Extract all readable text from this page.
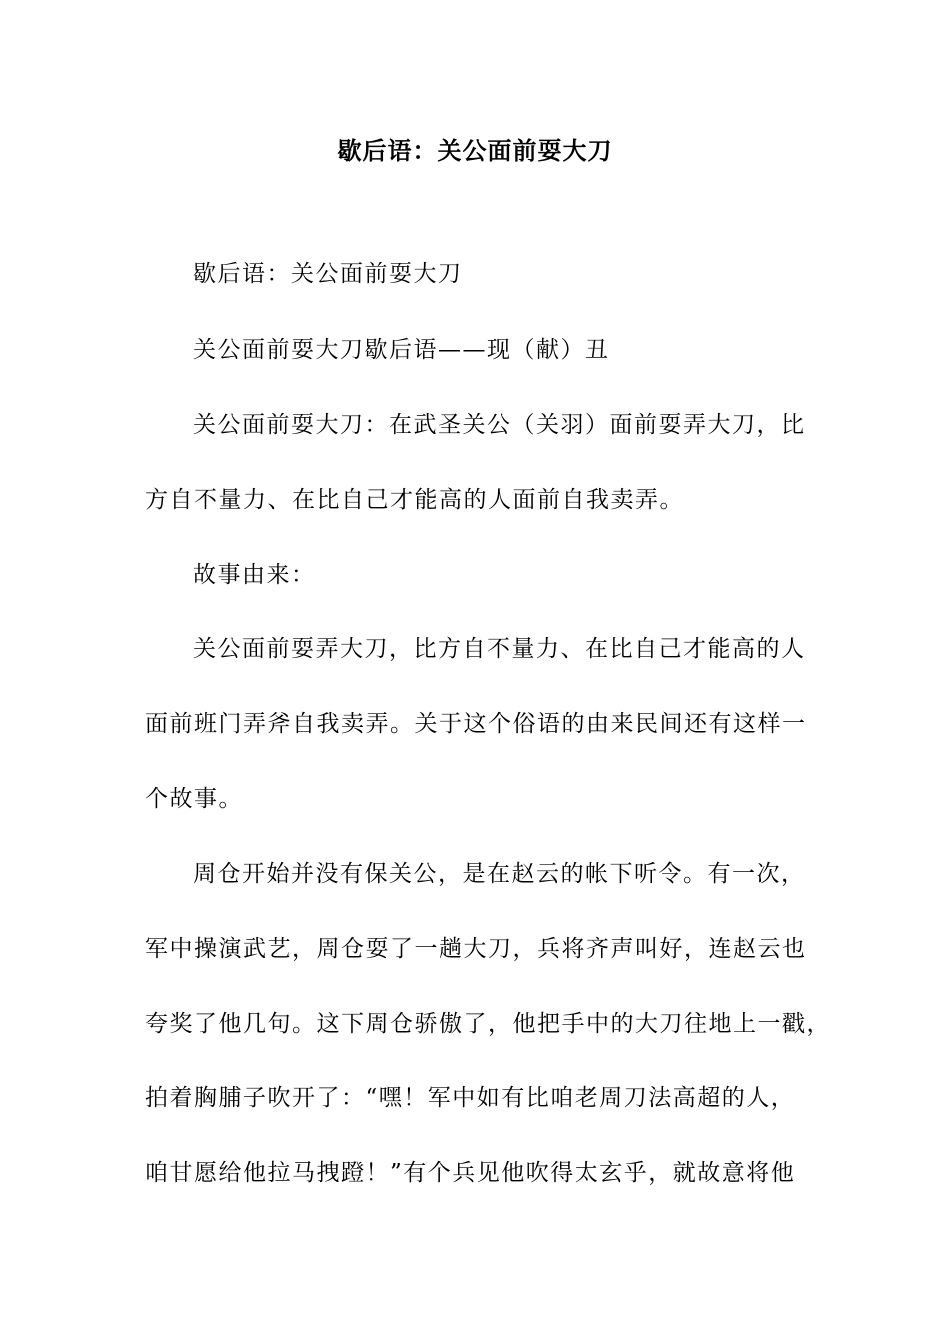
歇后语：关公面前耍大刀
歇后语：关公面前耍大刀
关公面前耍大刀歇后语——现（献）丑
关公面前耍大刀：在武圣关公（关羽）面前耍弄大刀，比
方自不量力、在比自己才能高的人面前自我卖弄。
故事由来：
关公面前耍弄大刀，比方自不量力、在比自己才能高的人
面前班门弄斧自我卖弄。关于这个俗语的由来民间还有这样一
个故事。
周仓开始并没有保关公，是在赵云的帐下听令。有一次，
军中操演武艺，周仓耍了一趟大刀，兵将齐声叫好，连赵云也
夸奖了他几句。这下周仓骄傲了，他把手中的大刀往地上一戳，
拍着胸脯子吹开了：“嘿！军中如有比咱老周刀法高超的人，
咱甘愿给他拉马拽蹬！”有个兵见他吹得太玄乎，就故意将他
